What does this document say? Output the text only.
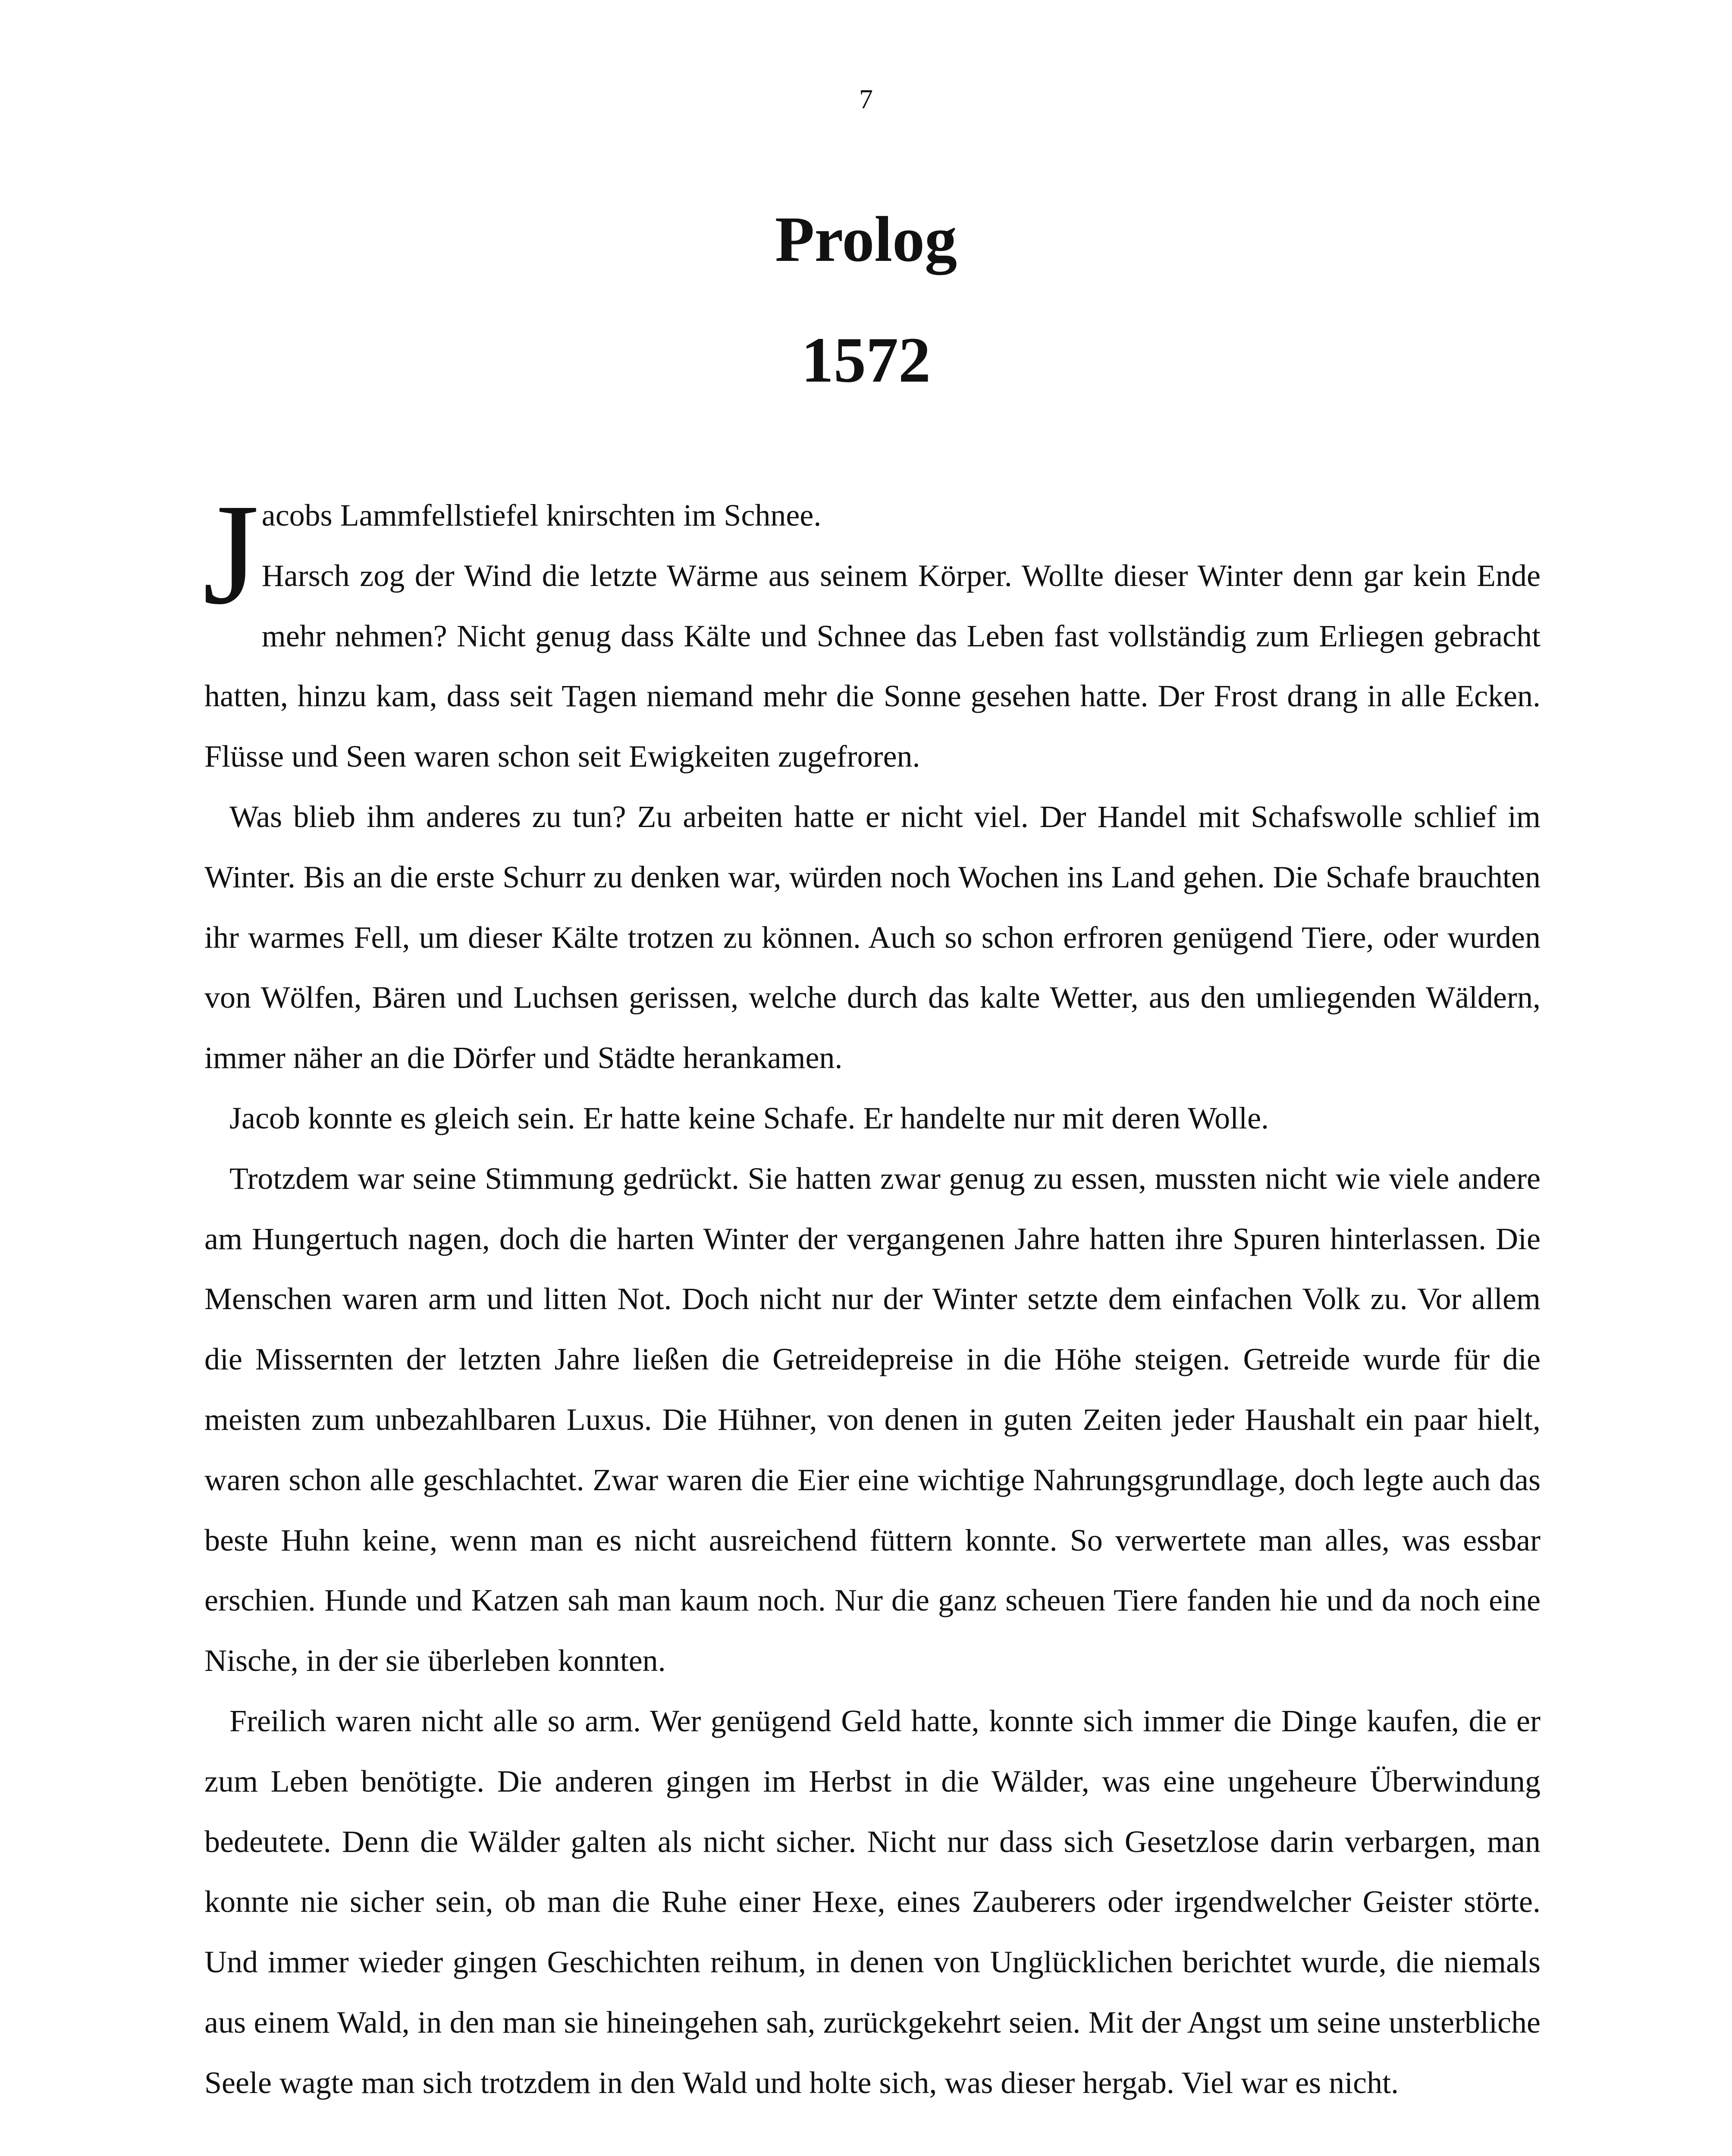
7
Prolog
1572
J acobs Lammfellstiefel knirschten im Schnee.
Harsch zog der Wind die letzte Wärme aus seinem Körper. Wollte dieser Winter denn gar kein Ende mehr nehmen? Nicht genug dass Kälte und Schnee das Leben fast vollständig zum Erliegen gebracht hatten, hinzu kam, dass seit Tagen niemand mehr die Sonne gesehen hatte. Der Frost drang in alle Ecken. Flüsse und Seen waren schon seit Ewigkeiten zugefroren.

Was blieb ihm anderes zu tun? Zu arbeiten hatte er nicht viel. Der Handel mit Schafswolle schlief im Winter. Bis an die erste Schurr zu denken war, würden noch Wochen ins Land gehen. Die Schafe brauchten ihr warmes Fell, um dieser Kälte trotzen zu können. Auch so schon erfroren genügend Tiere, oder wurden von Wölfen, Bären und Luchsen gerissen, welche durch das kalte Wetter, aus den umliegenden Wäldern, immer näher an die Dörfer und Städte herankamen.

Jacob konnte es gleich sein. Er hatte keine Schafe. Er handelte nur mit deren Wolle.

Trotzdem war seine Stimmung gedrückt. Sie hatten zwar genug zu essen, mussten nicht wie viele andere am Hungertuch nagen, doch die harten Winter der vergangenen Jahre hatten ihre Spuren hinterlassen. Die Menschen waren arm und litten Not. Doch nicht nur der Winter setzte dem einfachen Volk zu. Vor allem die Missernten der letzten Jahre ließen die Getreidepreise in die Höhe steigen. Getreide wurde für die meisten zum unbezahlbaren Luxus. Die Hühner, von denen in guten Zeiten jeder Haushalt ein paar hielt, waren schon alle geschlachtet. Zwar waren die Eier eine wichtige Nahrungsgrundlage, doch legte auch das beste Huhn keine, wenn man es nicht ausreichend füttern konnte. So verwertete man alles, was essbar erschien. Hunde und Katzen sah man kaum noch. Nur die ganz scheuen Tiere fanden hie und da noch eine Nische, in der sie überleben konnten.

Freilich waren nicht alle so arm. Wer genügend Geld hatte, konnte sich immer die Dinge kaufen, die er zum Leben benötigte. Die anderen gingen im Herbst in die Wälder, was eine ungeheure Überwindung bedeutete. Denn die Wälder galten als nicht sicher. Nicht nur dass sich Gesetzlose darin verbargen, man konnte nie sicher sein, ob man die Ruhe einer Hexe, eines Zauberers oder irgendwelcher Geister störte. Und immer wieder gingen Geschichten reihum, in denen von Unglücklichen berichtet wurde, die niemals aus einem Wald, in den man sie hineingehen sah, zurückgekehrt seien. Mit der Angst um seine unsterbliche Seele wagte man sich trotzdem in den Wald und holte sich, was dieser hergab. Viel war es nicht.
